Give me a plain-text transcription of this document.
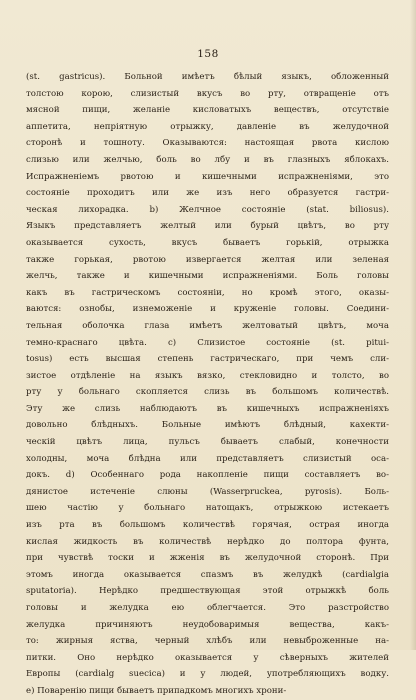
158
(st. gastricus). Больной имѣетъ бѣлый языкъ, обложенный
толстою корою, слизистый вкусъ во рту, отвращеніе отъ
мясной пищи, желаніе кисловатыхъ веществъ, отсутствіе
аппетита, непріятную отрыжку, давленіе въ желудочной
сторонѣ и тошноту. Оказываются: настоящая рвота кислою
слизью или желчью, боль во лбу и въ глазныхъ яблокахъ.
Испражненіемъ рвотою и кишечными испражненіями, это
состояніе проходитъ или же изъ него образуется гастри-
ческая лихорадка. b) Желчное состояніе (stat. biliosus).
Языкъ представляетъ желтый или бурый цвѣтъ, во рту
оказывается сухость, вкусъ бываетъ горькій, отрыжка
также горькая, рвотою извергается желтая или зеленая
желчь, также и кишечными испражненіями. Боль головы
какъ въ гастрическомъ состояніи, но кромѣ этого, оказы-
ваются: ознобы, изнеможеніе и круженіе головы. Соедини-
тельная оболочка глаза имѣетъ желтоватый цвѣтъ, моча
темно-краснаго цвѣта. c) Слизистое состояніе (st. pitui-
tosus) есть высшая степень гастрическаго, при чемъ сли-
зистое отдѣленіе на языкъ вязко, стекловидно и толсто, во
рту у больнаго скопляется слизь въ большомъ количествѣ.
Эту же слизь наблюдаютъ въ кишечныхъ испражненіяхъ
довольно блѣдныхъ. Больные имѣютъ блѣдный, кахекти-
ческій цвѣтъ лица, пульсъ бываетъ слабый, конечности
холодны, моча блѣдна или представляетъ слизистый оса-
докъ. d) Особеннаго рода накопленіе пищи составляетъ во-
дянистое истеченіе слюны (Wasserpruckea, pyrosis). Боль-
шею частію у больнаго натощакъ, отрыжкою истекаетъ
изъ рта въ большомъ количествѣ горячая, острая иногда
кислая жидкость въ количествѣ нерѣдко до полтора фунта,
при чувствѣ тоски и жженія въ желудочной сторонѣ. При
этомъ иногда оказывается спазмъ въ желудкѣ (cardialgia
sputatoria). Нерѣдко предшествующая этой отрыжкѣ боль
головы и желудка ею облегчается. Это разстройство
желудка причиняютъ неудобоваримыя вещества, какъ-
то: жирныя яства, черный хлѣбъ или невыброженные на-
питки. Оно нерѣдко оказывается у сѣверныхъ жителей
Европы (cardialg suecica) и у людей, употребляющихъ водку.
e) Поваренію пищи бываетъ припадкомъ многихъ хрони-
